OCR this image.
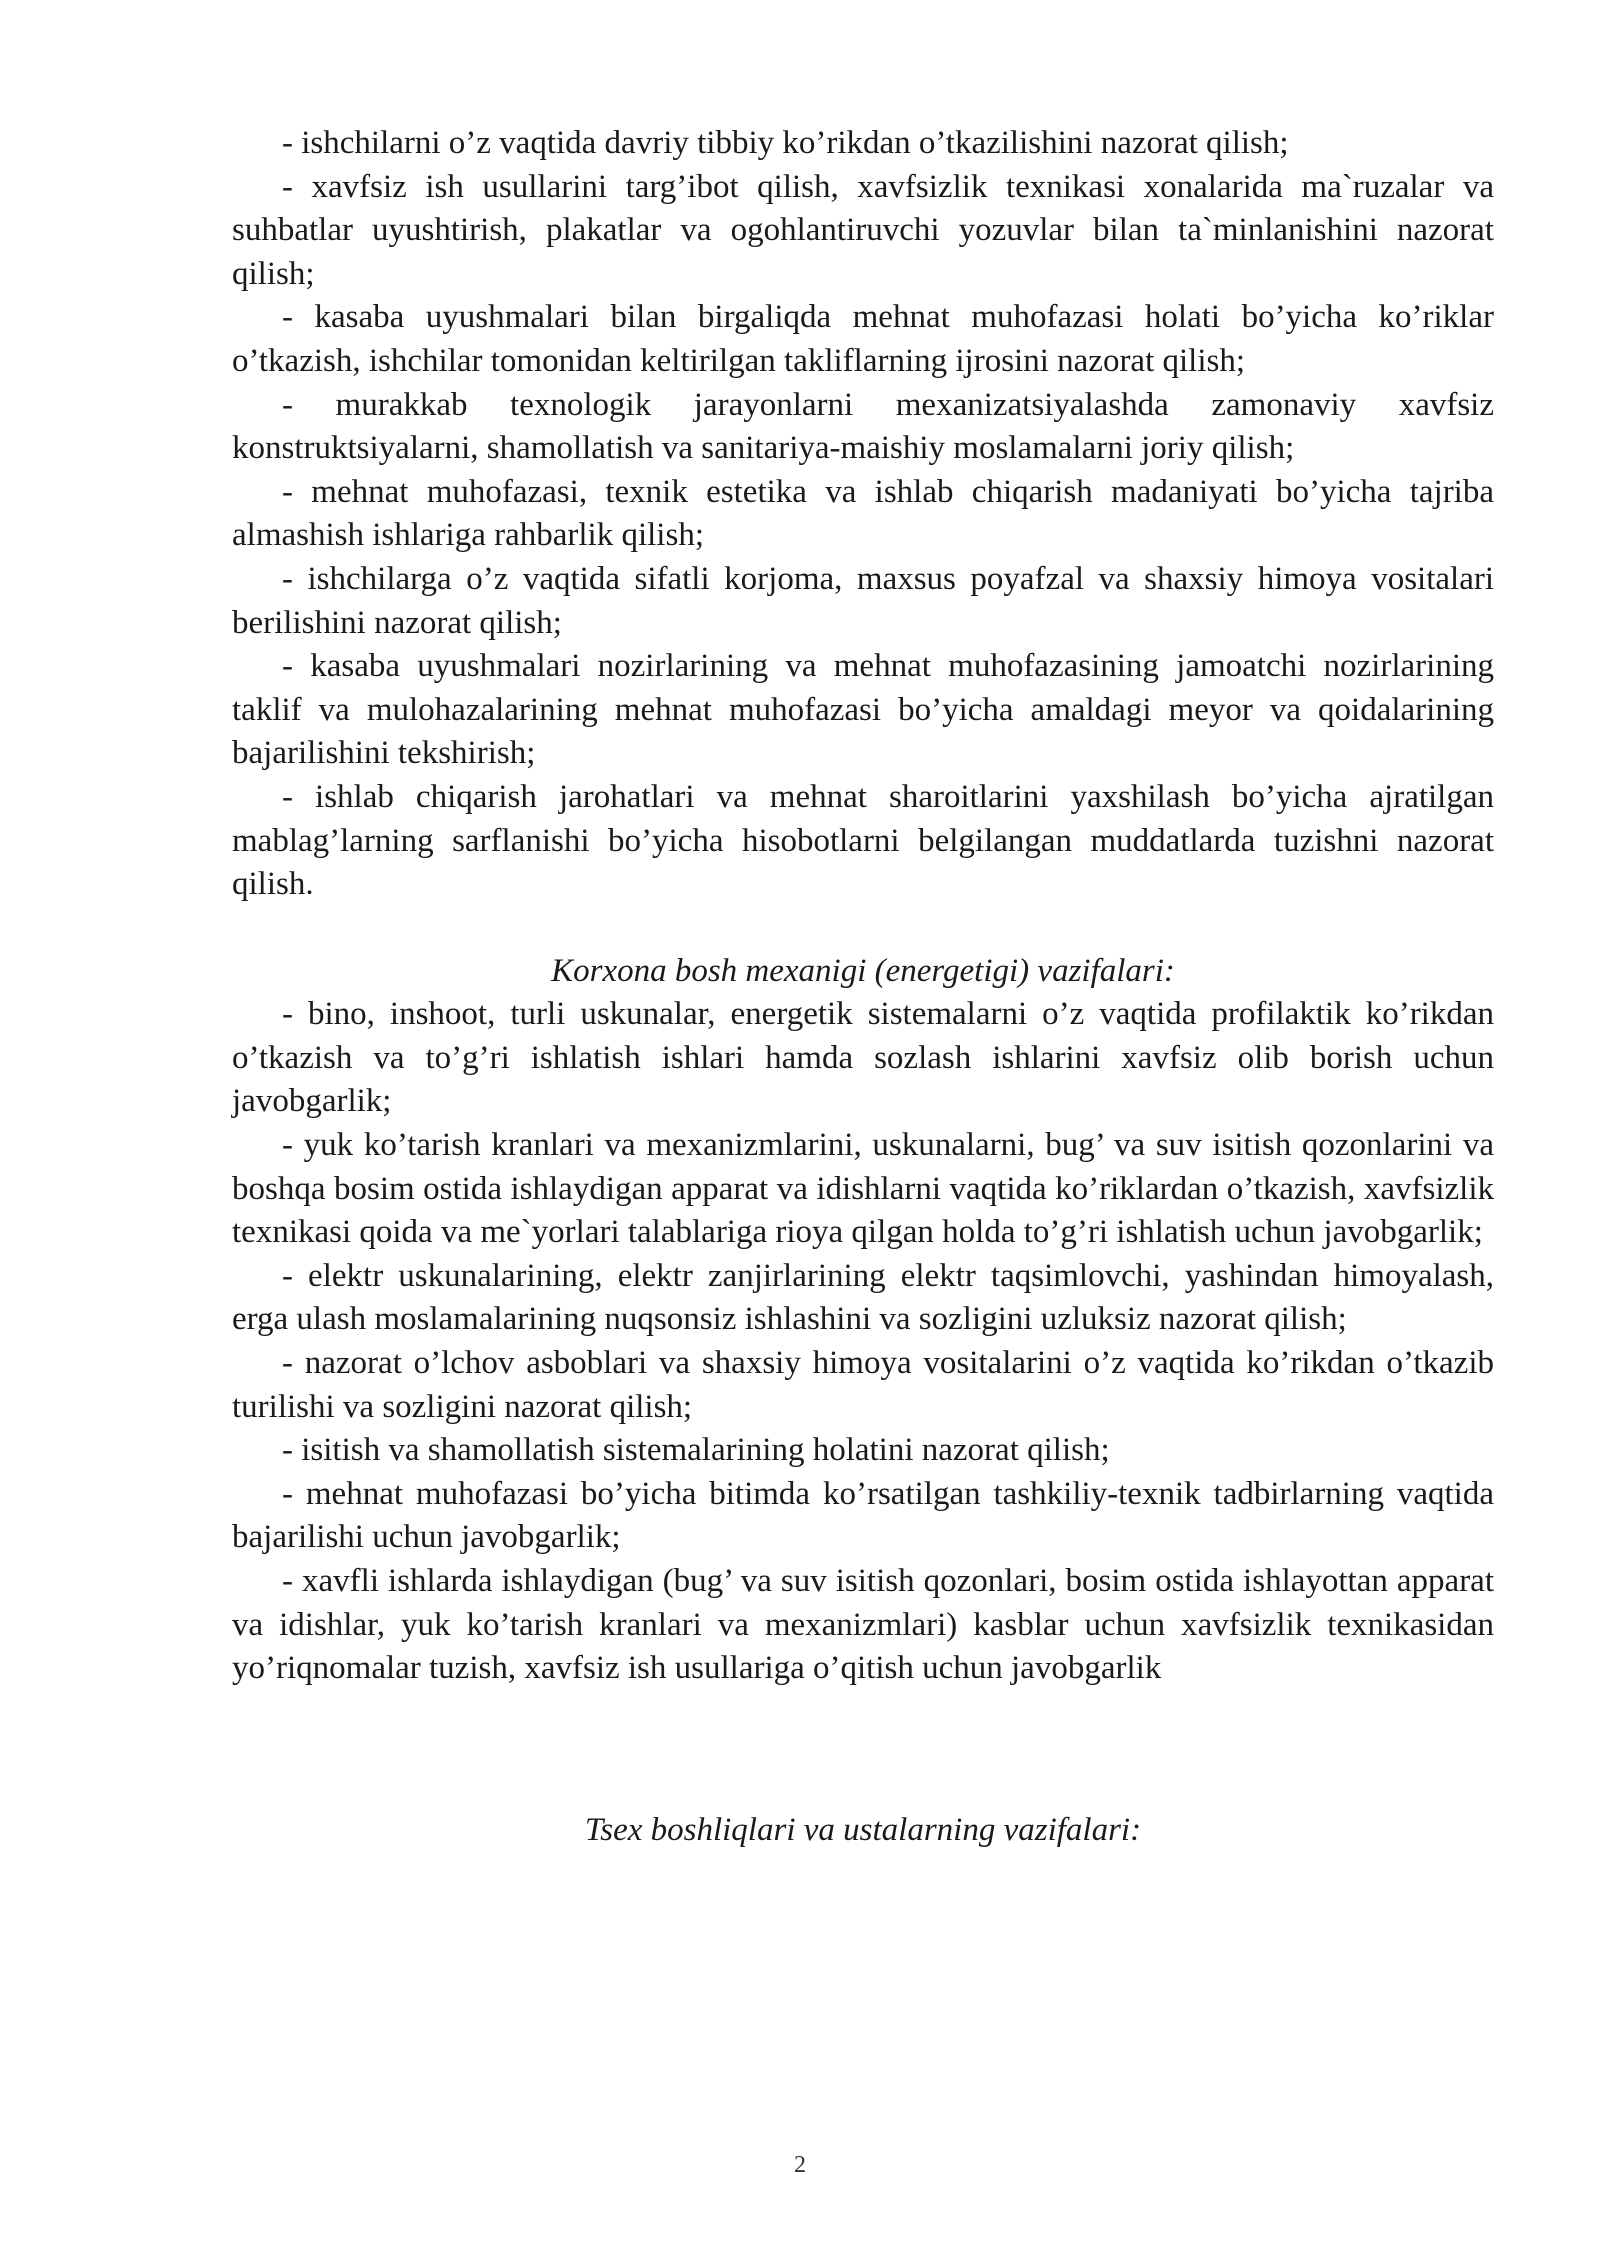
- ishchilarni o’z vaqtida davriy tibbiy ko’rikdan o’tkazilishini nazorat qilish;

- xavfsiz ish usullarini targ’ibot qilish, xavfsizlik texnikasi xonalarida ma`ruzalar va suhbatlar uyushtirish, plakatlar va ogohlantiruvchi yozuvlar bilan ta`minlanishini nazorat qilish;

- kasaba uyushmalari bilan birgaliqda mehnat muhofazasi holati bo’yicha ko’riklar o’tkazish, ishchilar tomonidan keltirilgan takliflarning ijrosini nazorat qilish;

- murakkab texnologik jarayonlarni mexanizatsiyalashda zamonaviy xavfsiz konstruktsiyalarni, shamollatish va sanitariya-maishiy moslamalarni joriy qilish;

- mehnat muhofazasi, texnik estetika va ishlab chiqarish madaniyati bo’yicha tajriba almashish ishlariga rahbarlik qilish;

- ishchilarga o’z vaqtida sifatli korjoma, maxsus poyafzal va shaxsiy himoya vositalari berilishini nazorat qilish;

- kasaba uyushmalari nozirlarining va mehnat muhofazasining jamoatchi nozirlarining taklif va mulohazalarining mehnat muhofazasi bo’yicha amaldagi meyor va qoidalarining bajarilishini tekshirish;

- ishlab chiqarish jarohatlari va mehnat sharoitlarini yaxshilash bo’yicha ajratilgan mablag’larning sarflanishi bo’yicha hisobotlarni belgilangan muddatlarda tuzishni nazorat qilish.

Korxona bosh mexanigi (energetigi) vazifalari:

- bino, inshoot, turli uskunalar, energetik sistemalarni o’z vaqtida profilaktik ko’rikdan o’tkazish va to’g’ri ishlatish ishlari hamda sozlash ishlarini xavfsiz olib borish uchun javobgarlik;

- yuk ko’tarish kranlari va mexanizmlarini, uskunalarni, bug’ va suv isitish qozonlarini va boshqa bosim ostida ishlaydigan apparat va idishlarni vaqtida ko’riklardan o’tkazish, xavfsizlik texnikasi qoida va me`yorlari talablariga rioya qilgan holda to’g’ri ishlatish uchun javobgarlik;

- elektr uskunalarining, elektr zanjirlarining elektr taqsimlovchi, yashindan himoyalash, erga ulash moslamalarining nuqsonsiz ishlashini va sozligini uzluksiz nazorat qilish;

- nazorat o’lchov asboblari va shaxsiy himoya vositalarini o’z vaqtida ko’rikdan o’tkazib turilishi va sozligini nazorat qilish;

- isitish va shamollatish sistemalarining holatini nazorat qilish;

- mehnat muhofazasi bo’yicha bitimda ko’rsatilgan tashkiliy-texnik tadbirlarning vaqtida bajarilishi uchun javobgarlik;

- xavfli ishlarda ishlaydigan (bug’ va suv isitish qozonlari, bosim ostida ishlayottan apparat va idishlar, yuk ko’tarish kranlari va mexanizmlari) kasblar uchun xavfsizlik texnikasidan yo’riqnomalar tuzish, xavfsiz ish usullariga o’qitish uchun javobgarlik

Tsex boshliqlari va ustalarning vazifalari:

2
